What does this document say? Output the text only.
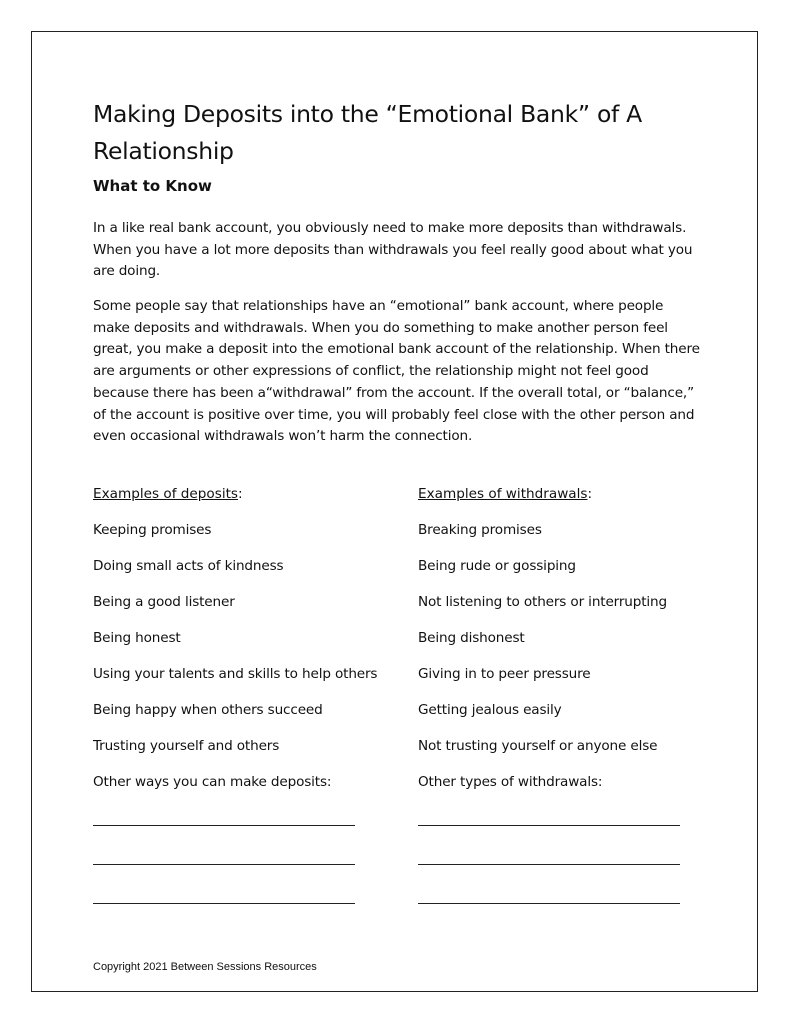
Making Deposits into the “Emotional Bank” of A Relationship
What to Know

In a like real bank account, you obviously need to make more deposits than withdrawals. When you have a lot more deposits than withdrawals you feel really good about what you are doing.

Some people say that relationships have an “emotional” bank account, where people make deposits and withdrawals. When you do something to make another person feel great, you make a deposit into the emotional bank account of the relationship. When there are arguments or other expressions of conflict, the relationship might not feel good because there has been a“withdrawal” from the account. If the overall total, or “balance,” of the account is positive over time, you will probably feel close with the other person and even occasional withdrawals won’t harm the connection.

Examples of deposits:

Keeping promises

Doing small acts of kindness

Being a good listener

Being honest

Using your talents and skills to help others

Being happy when others succeed

Trusting yourself and others

Other ways you can make deposits:

Examples of withdrawals:

Breaking promises

Being rude or gossiping

Not listening to others or interrupting

Being dishonest

Giving in to peer pressure

Getting jealous easily

Not trusting yourself or anyone else

Other types of withdrawals:

Copyright 2021 Between Sessions Resources
